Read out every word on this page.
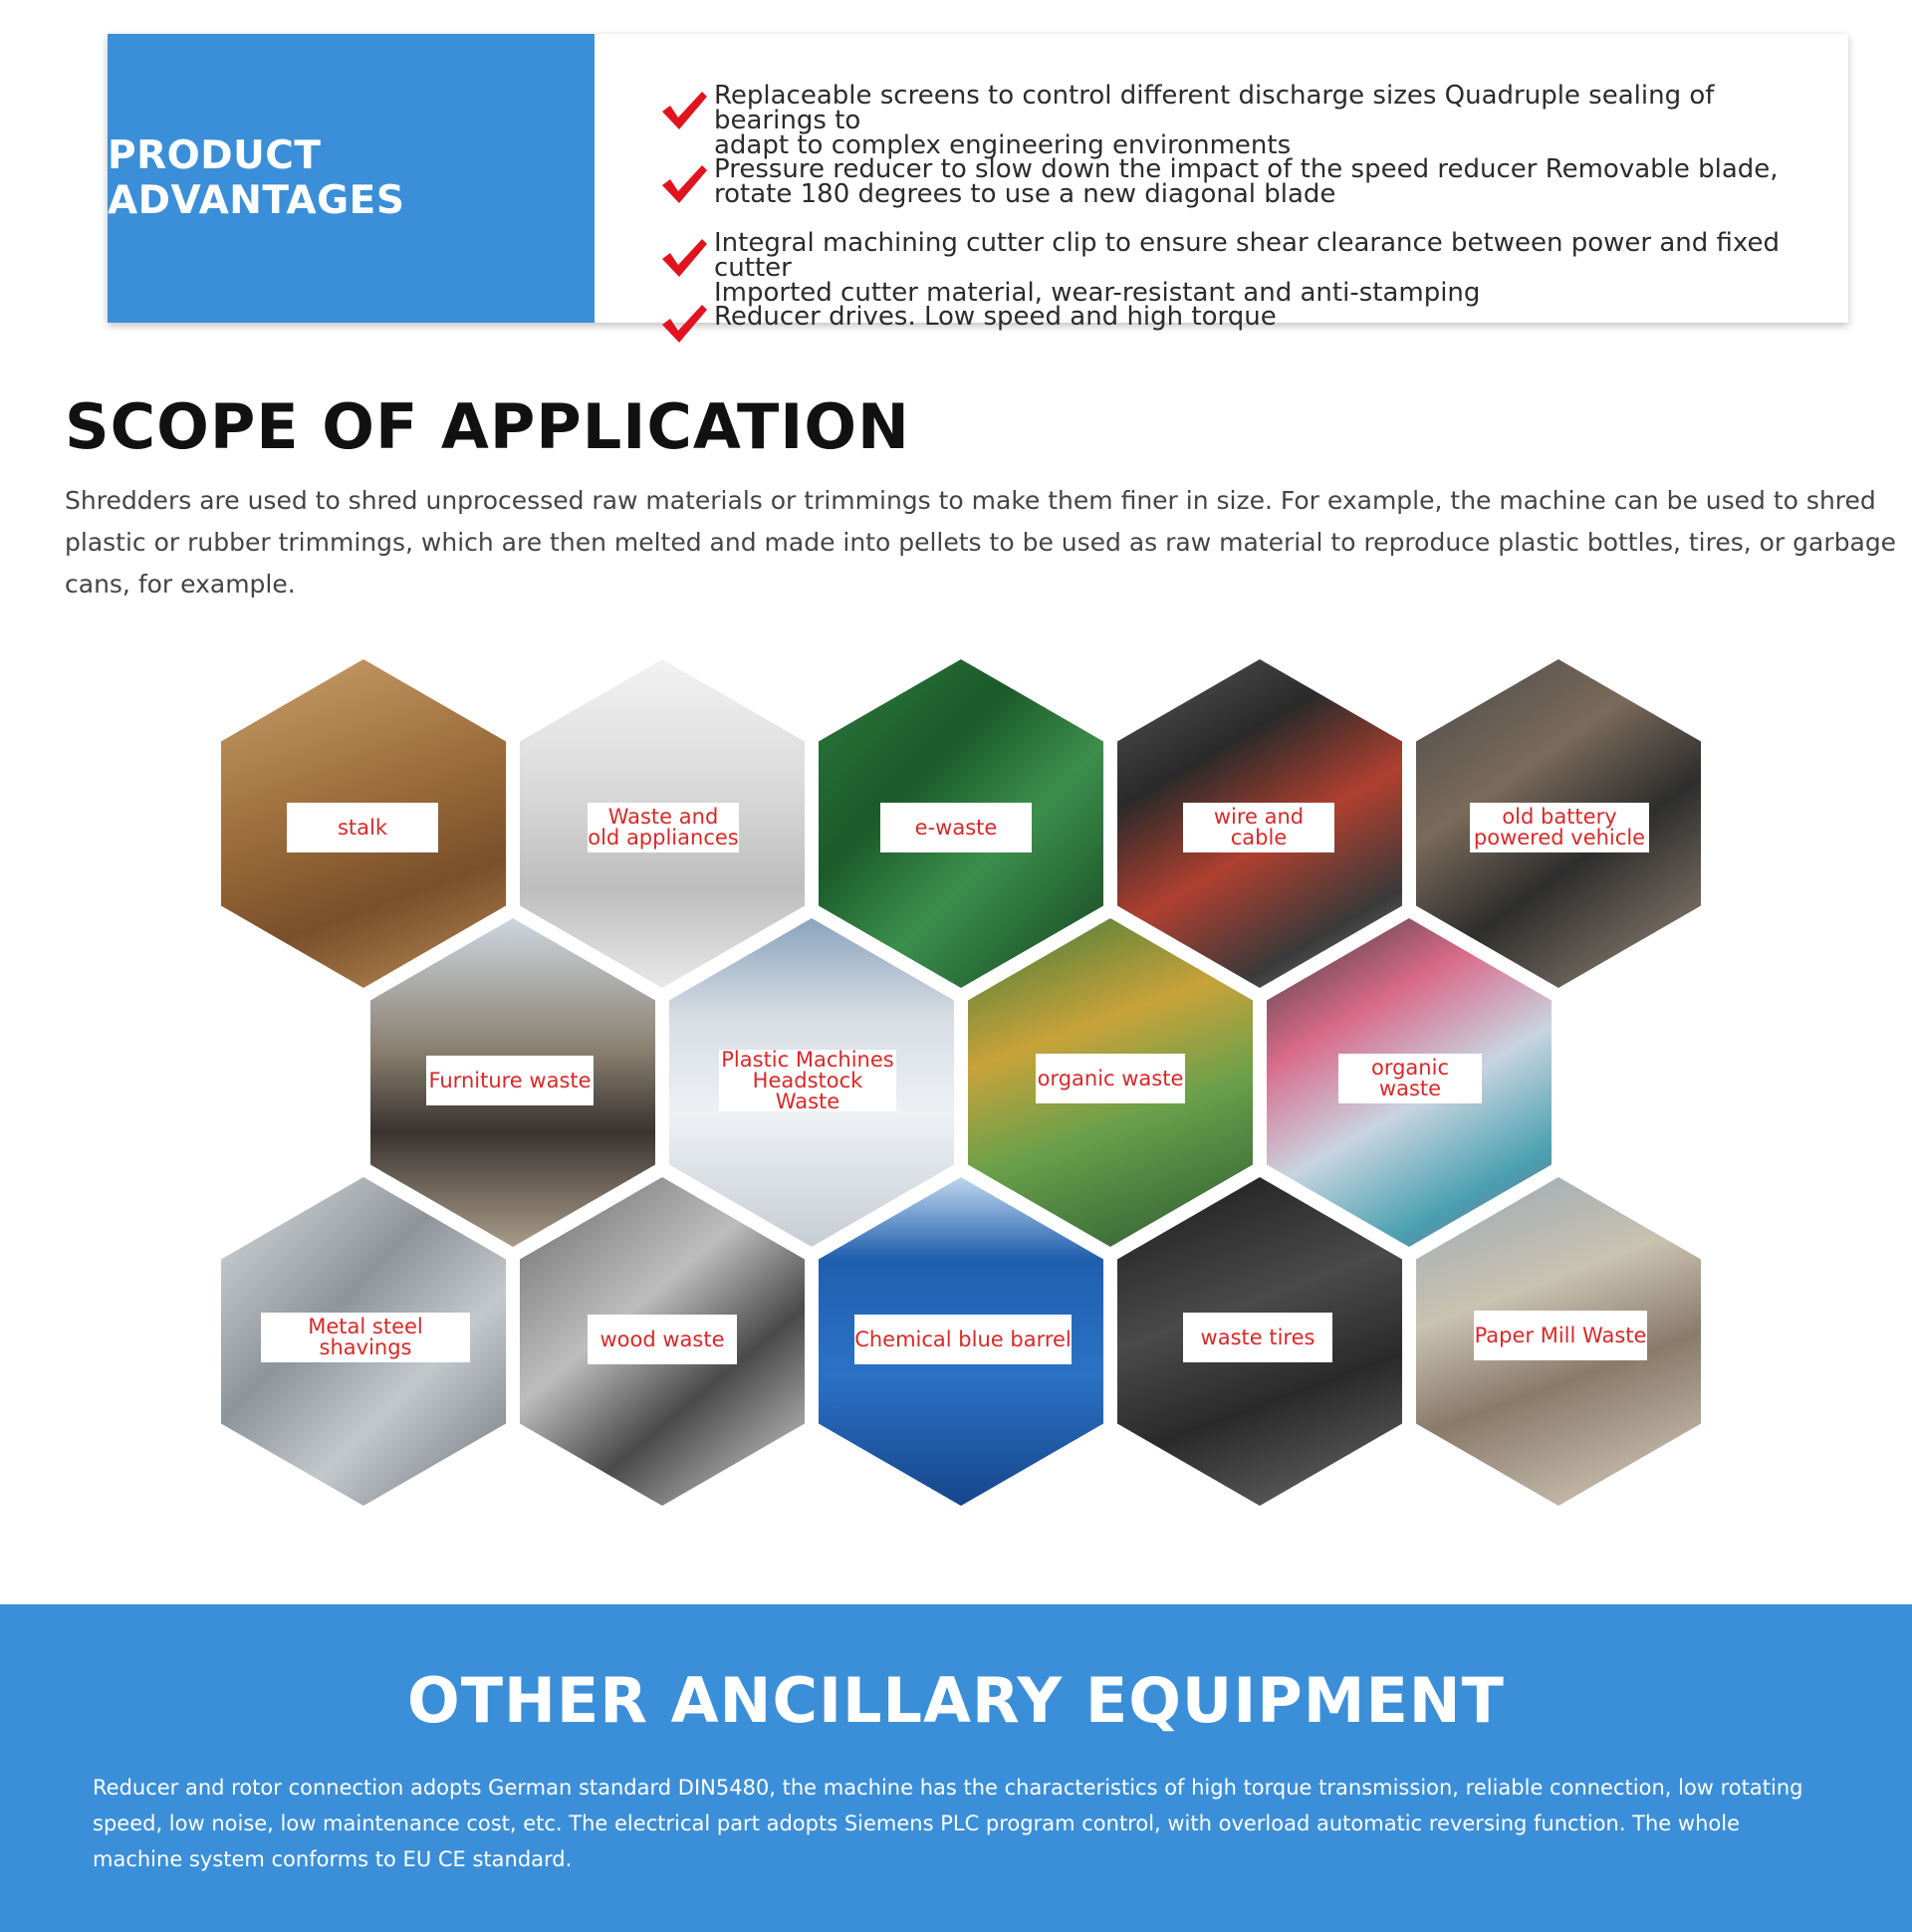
PRODUCT ADVANTAGES
Replaceable screens to control different discharge sizes Quadruple sealing of bearings to
adapt to complex engineering environments
Pressure reducer to slow down the impact of the speed reducer Removable blade,
rotate 180 degrees to use a new diagonal blade
Integral machining cutter clip to ensure shear clearance between power and fixed cutter
Imported cutter material, wear-resistant and anti-stamping
Reducer drives. Low speed and high torque
SCOPE OF APPLICATION

Shredders are used to shred unprocessed raw materials or trimmings to make them finer in size. For example, the machine can be used to shred plastic or rubber trimmings, which are then melted and made into pellets to be used as raw material to reproduce plastic bottles, tires, or garbage cans, for example.

stalk	Waste and
old appliances	e-waste	wire and cable
old battery
powered vehicle
Furniture waste
Plastic Machines
Headstock Waste
organic waste	organic waste
Metal steel shavings	wood waste	Chemical blue barrel	waste tires	Paper Mill Waste
OTHER ANCILLARY EQUIPMENT

Reducer and rotor connection adopts German standard DIN5480, the machine has the characteristics of high torque transmission, reliable connection, low rotating speed, low noise, low maintenance cost, etc. The electrical part adopts Siemens PLC program control, with overload automatic reversing function. The whole machine system conforms to EU CE standard.
